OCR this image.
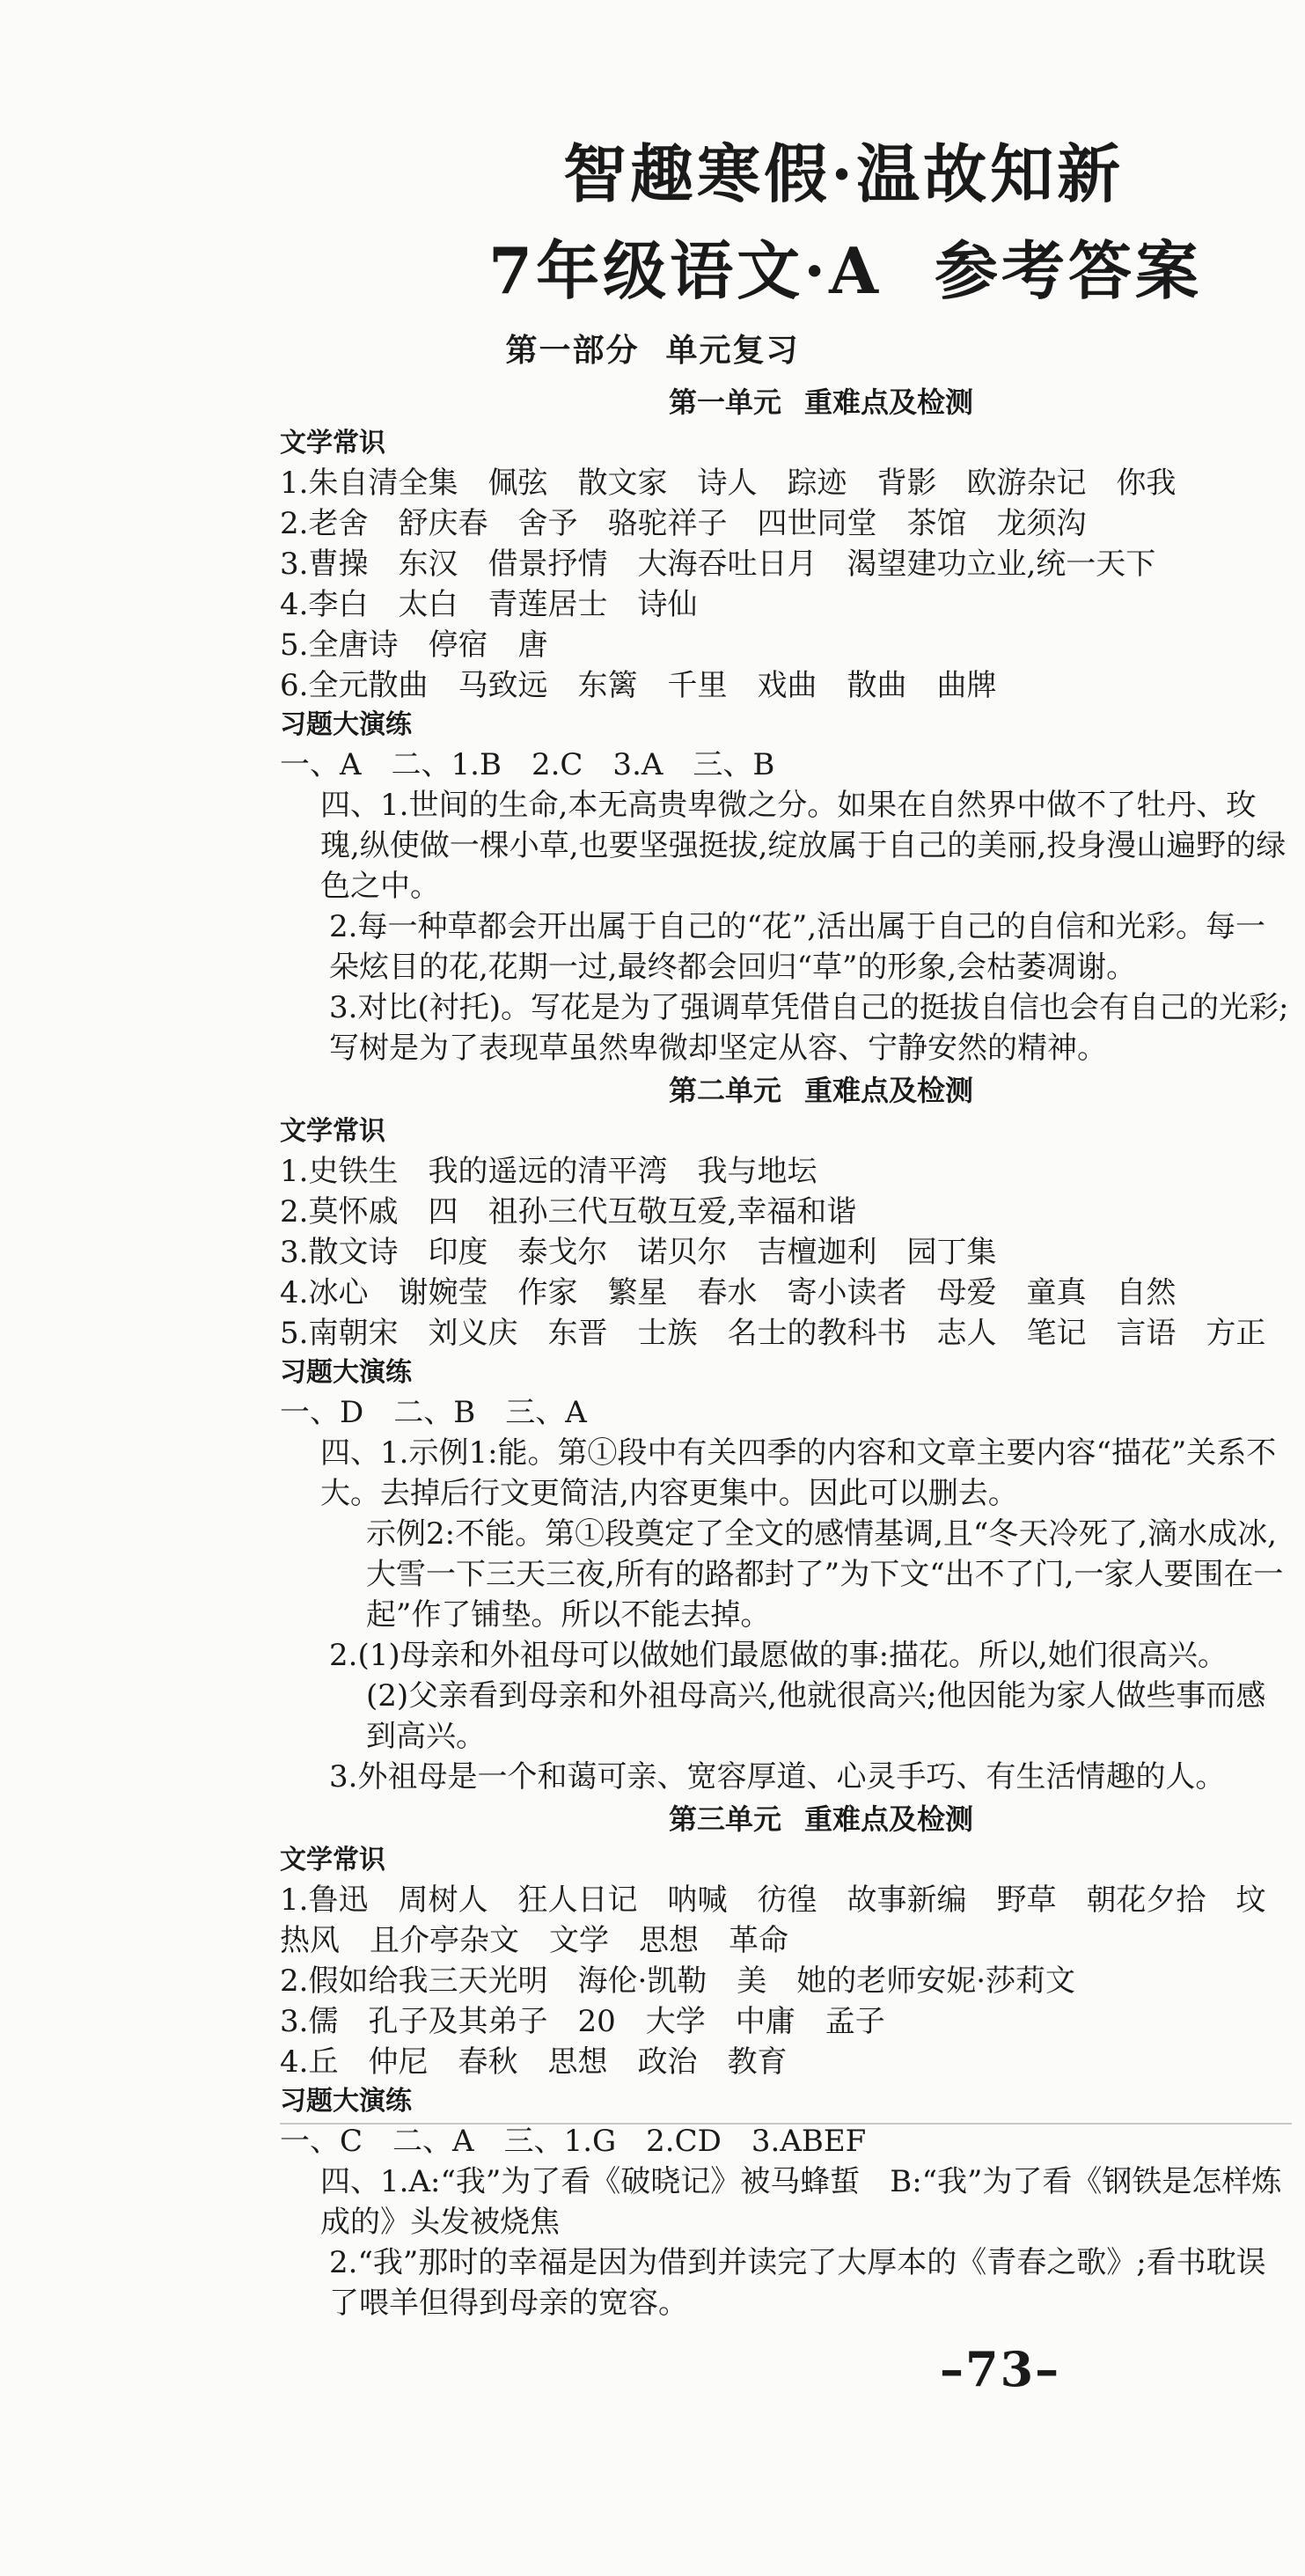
智趣寒假·温故知新
7年级语文·A 参考答案
第一部分 单元复习
第一单元 重难点及检测
文学常识
1.朱自清全集　佩弦　散文家　诗人　踪迹　背影　欧游杂记　你我
2.老舍　舒庆春　舍予　骆驼祥子　四世同堂　茶馆　龙须沟
3.曹操　东汉　借景抒情　大海吞吐日月　渴望建功立业,统一天下
4.李白　太白　青莲居士　诗仙
5.全唐诗　停宿　唐
6.全元散曲　马致远　东篱　千里　戏曲　散曲　曲牌
习题大演练
一、A　二、1.B　2.C　3.A　三、B
四、1.世间的生命,本无高贵卑微之分。如果在自然界中做不了牡丹、玫瑰,纵使做一棵小草,也要坚强挺拔,绽放属于自己的美丽,投身漫山遍野的绿色之中。
2.每一种草都会开出属于自己的“花”,活出属于自己的自信和光彩。每一朵炫目的花,花期一过,最终都会回归“草”的形象,会枯萎凋谢。
3.对比(衬托)。写花是为了强调草凭借自己的挺拔自信也会有自己的光彩;写树是为了表现草虽然卑微却坚定从容、宁静安然的精神。
第二单元 重难点及检测
文学常识
1.史铁生　我的遥远的清平湾　我与地坛
2.莫怀戚　四　祖孙三代互敬互爱,幸福和谐
3.散文诗　印度　泰戈尔　诺贝尔　吉檀迦利　园丁集
4.冰心　谢婉莹　作家　繁星　春水　寄小读者　母爱　童真　自然
5.南朝宋　刘义庆　东晋　士族　名士的教科书　志人　笔记　言语　方正
习题大演练
一、D　二、B　三、A
四、1.示例1:能。第①段中有关四季的内容和文章主要内容“描花”关系不大。去掉后行文更简洁,内容更集中。因此可以删去。
示例2:不能。第①段奠定了全文的感情基调,且“冬天冷死了,滴水成冰,大雪一下三天三夜,所有的路都封了”为下文“出不了门,一家人要围在一起”作了铺垫。所以不能去掉。
2.(1)母亲和外祖母可以做她们最愿做的事:描花。所以,她们很高兴。
(2)父亲看到母亲和外祖母高兴,他就很高兴;他因能为家人做些事而感到高兴。
3.外祖母是一个和蔼可亲、宽容厚道、心灵手巧、有生活情趣的人。
第三单元 重难点及检测
文学常识
1.鲁迅　周树人　狂人日记　呐喊　彷徨　故事新编　野草　朝花夕拾　坟　热风　且介亭杂文　文学　思想　革命
2.假如给我三天光明　海伦·凯勒　美　她的老师安妮·莎莉文
3.儒　孔子及其弟子　20　大学　中庸　孟子
4.丘　仲尼　春秋　思想　政治　教育
习题大演练
一、C　二、A　三、1.G　2.CD　3.ABEF
四、1.A:“我”为了看《破晓记》被马蜂蜇　B:“我”为了看《钢铁是怎样炼成的》头发被烧焦
2.“我”那时的幸福是因为借到并读完了大厚本的《青春之歌》;看书耽误了喂羊但得到母亲的宽容。
–73–
